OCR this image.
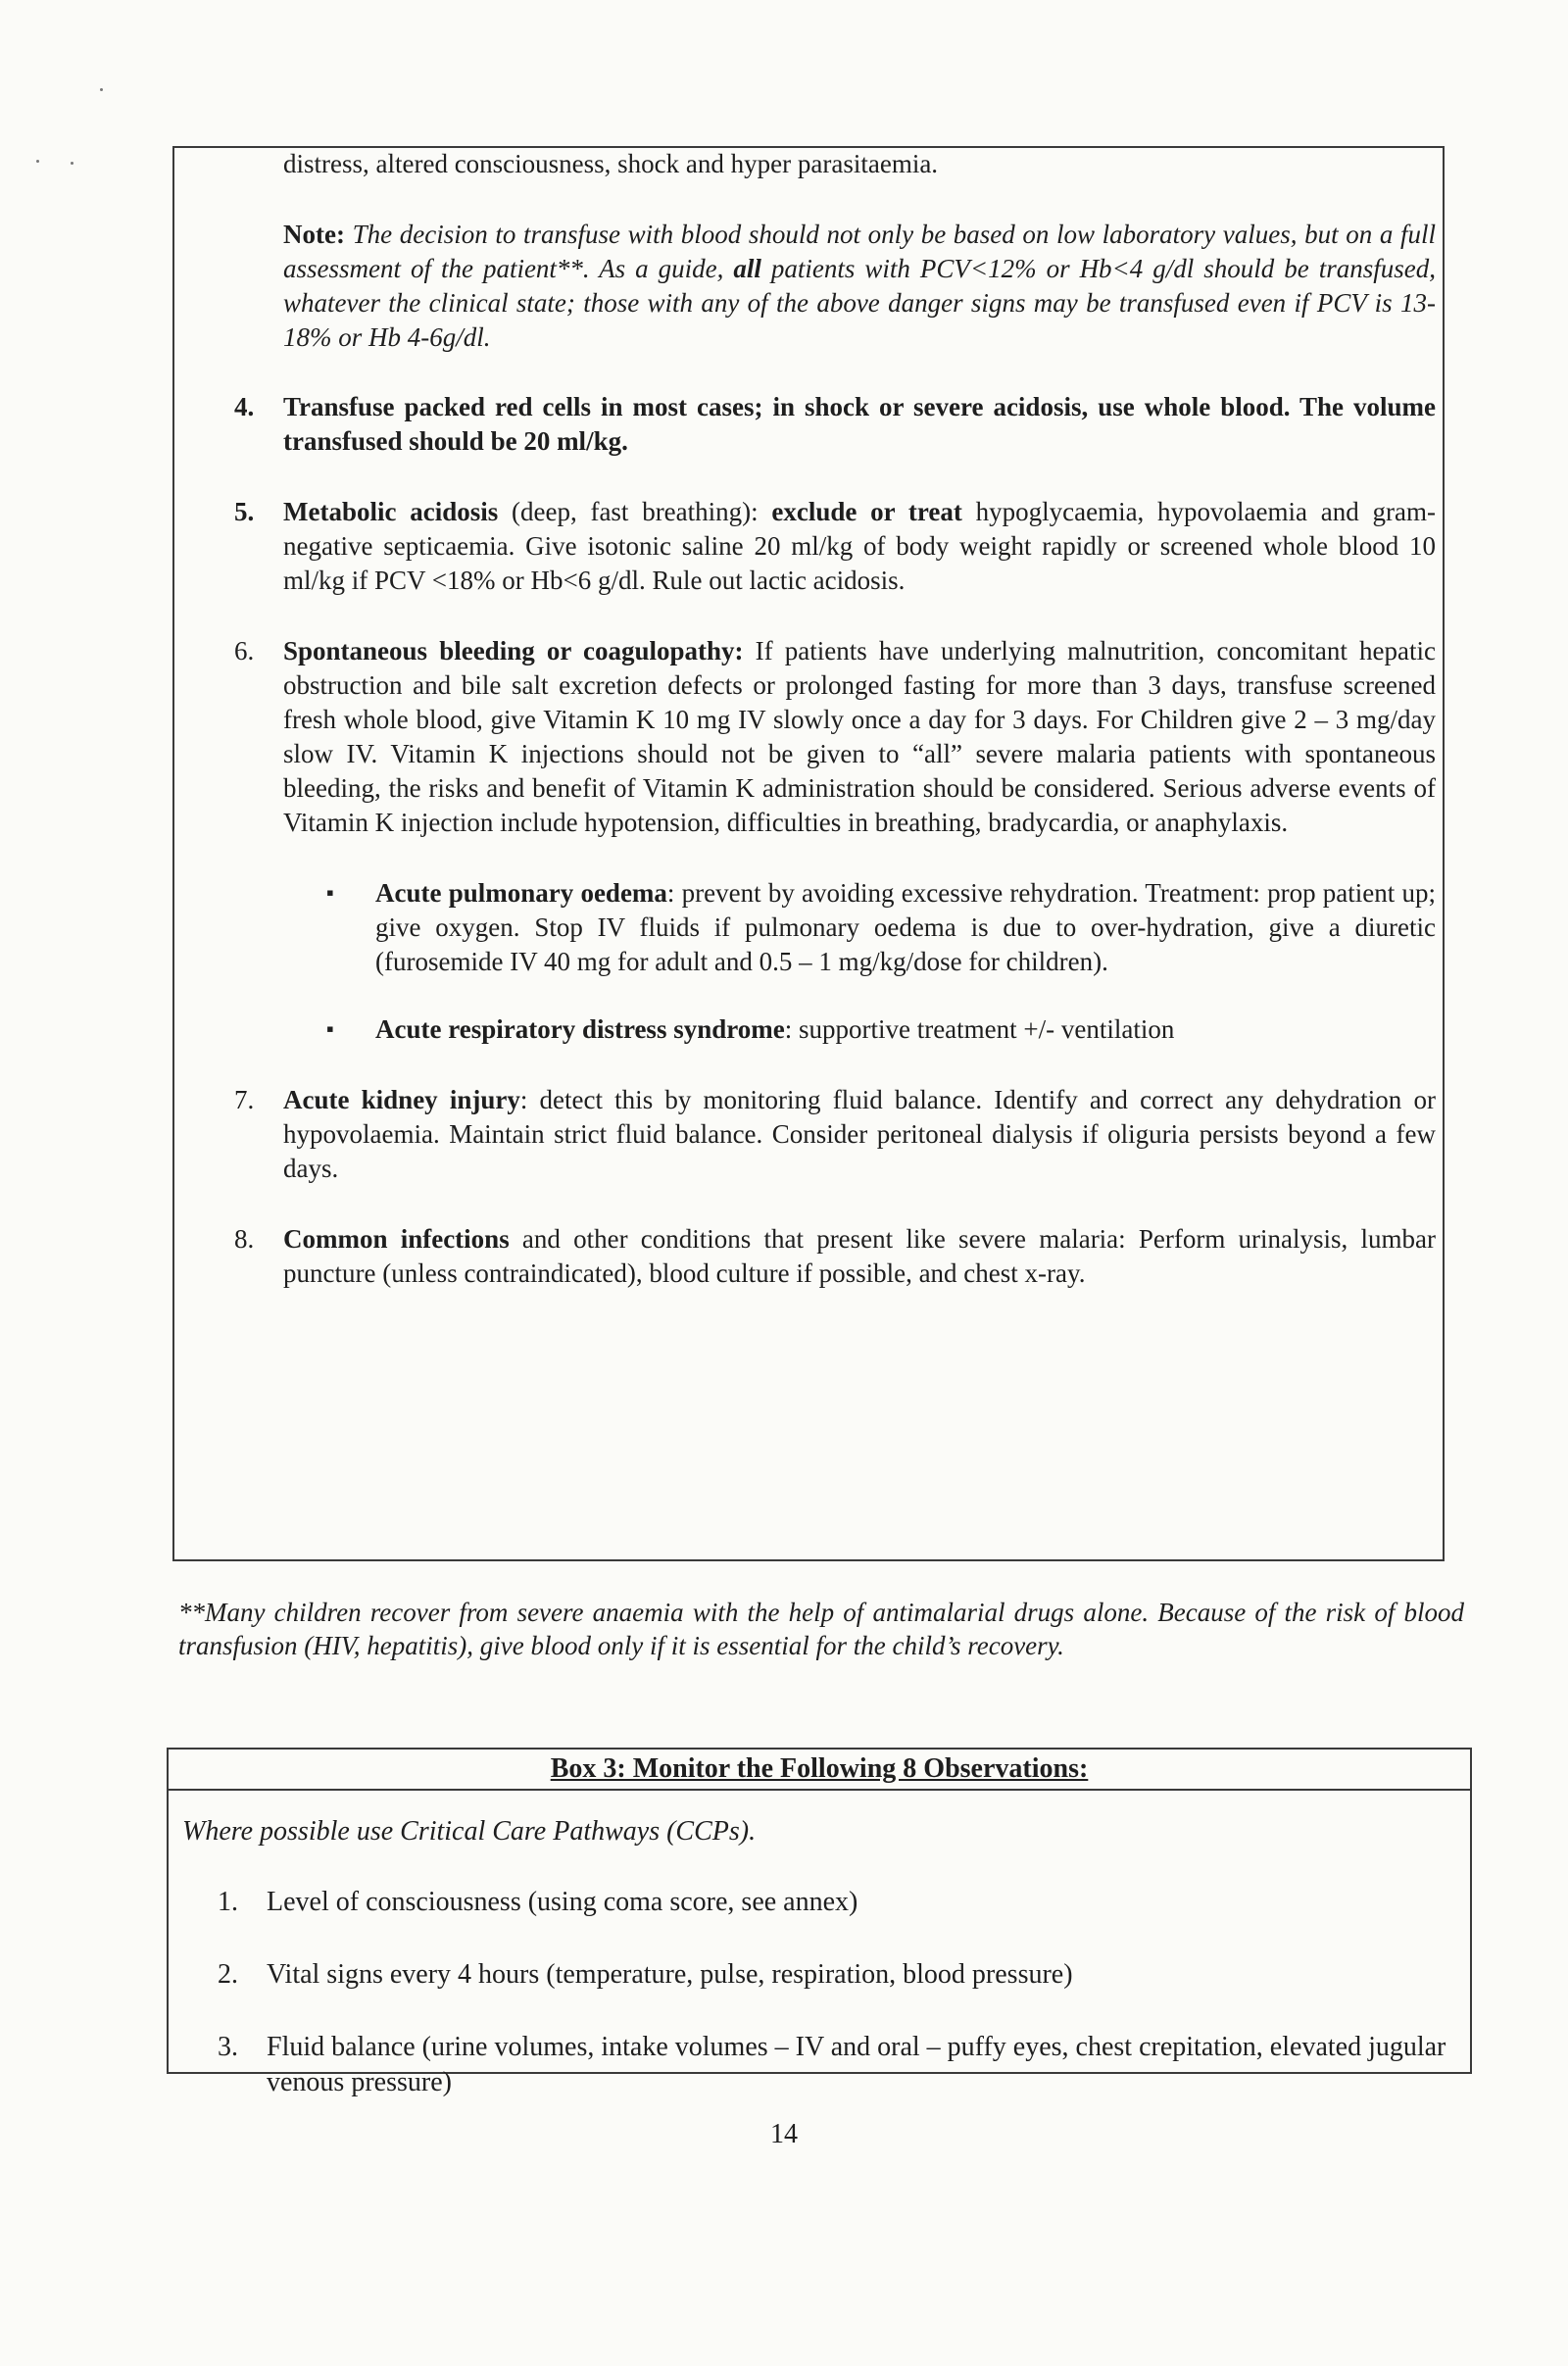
distress, altered consciousness, shock and hyper parasitaemia.

Note: The decision to transfuse with blood should not only be based on low laboratory values, but on a full assessment of the patient**. As a guide, all patients with PCV<12% or Hb<4 g/dl should be transfused, whatever the clinical state; those with any of the above danger signs may be transfused even if PCV is 13-18% or Hb 4-6g/dl.

4.	Transfuse packed red cells in most cases; in shock or severe acidosis, use whole blood. The volume transfused should be 20 ml/kg.

5.	Metabolic acidosis (deep, fast breathing): exclude or treat hypoglycaemia, hypovolaemia and gram-negative septicaemia. Give isotonic saline 20 ml/kg of body weight rapidly or screened whole blood 10 ml/kg if PCV <18% or Hb<6 g/dl. Rule out lactic acidosis.

6.	Spontaneous bleeding or coagulopathy: If patients have underlying malnutrition, concomitant hepatic obstruction and bile salt excretion defects or prolonged fasting for more than 3 days, transfuse screened fresh whole blood, give Vitamin K 10 mg IV slowly once a day for 3 days. For Children give 2 – 3 mg/day slow IV. Vitamin K injections should not be given to “all” severe malaria patients with spontaneous bleeding, the risks and benefit of Vitamin K administration should be considered. Serious adverse events of Vitamin K injection include hypotension, difficulties in breathing, bradycardia, or anaphylaxis.

▪ Acute pulmonary oedema: prevent by avoiding excessive rehydration. Treatment: prop patient up; give oxygen. Stop IV fluids if pulmonary oedema is due to over-hydration, give a diuretic (furosemide IV 40 mg for adult and 0.5 – 1 mg/kg/dose for children).

▪ Acute respiratory distress syndrome: supportive treatment +/- ventilation

7.	Acute kidney injury: detect this by monitoring fluid balance. Identify and correct any dehydration or hypovolaemia. Maintain strict fluid balance. Consider peritoneal dialysis if oliguria persists beyond a few days.

8.	Common infections and other conditions that present like severe malaria: Perform urinalysis, lumbar puncture (unless contraindicated), blood culture if possible, and chest x-ray.

**Many children recover from severe anaemia with the help of antimalarial drugs alone. Because of the risk of blood transfusion (HIV, hepatitis), give blood only if it is essential for the child’s recovery.

Box 3: Monitor the Following 8 Observations:

Where possible use Critical Care Pathways (CCPs).

1. Level of consciousness (using coma score, see annex)
2. Vital signs every 4 hours (temperature, pulse, respiration, blood pressure)
3. Fluid balance (urine volumes, intake volumes – IV and oral – puffy eyes, chest crepitation, elevated jugular venous pressure)
14
